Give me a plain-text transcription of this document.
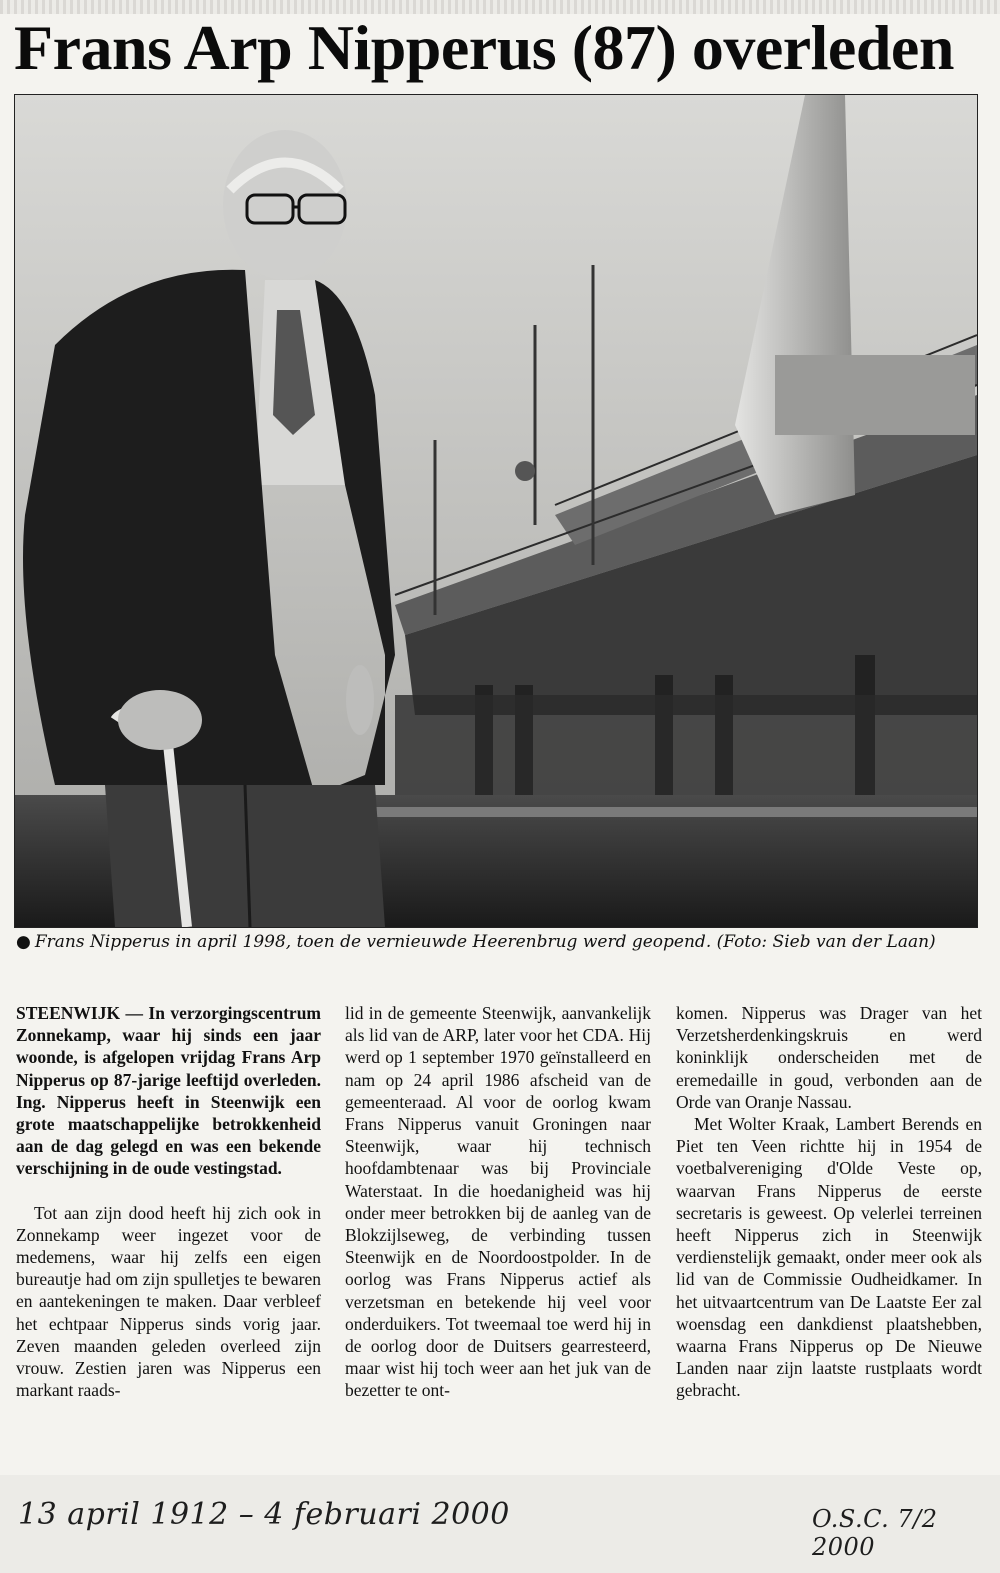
Frans Arp Nipperus (87) overleden

● Frans Nipperus in april 1998, toen de vernieuwde Heerenbrug werd geopend. (Foto: Sieb van der Laan)

STEENWIJK — In verzorgingscentrum Zonnekamp, waar hij sinds een jaar woonde, is afgelopen vrijdag Frans Arp Nipperus op 87-jarige leeftijd overleden. Ing. Nipperus heeft in Steenwijk een grote maatschappelijke betrokkenheid aan de dag gelegd en was een bekende verschijning in de oude vestingstad.

Tot aan zijn dood heeft hij zich ook in Zonnekamp weer ingezet voor de medemens, waar hij zelfs een eigen bureautje had om zijn spulletjes te bewaren en aantekeningen te maken. Daar verbleef het echtpaar Nipperus sinds vorig jaar. Zeven maanden geleden overleed zijn vrouw. Zestien jaren was Nipperus een markant raads-

lid in de gemeente Steenwijk, aanvankelijk als lid van de ARP, later voor het CDA. Hij werd op 1 september 1970 geïnstalleerd en nam op 24 april 1986 afscheid van de gemeenteraad. Al voor de oorlog kwam Frans Nipperus vanuit Groningen naar Steenwijk, waar hij technisch hoofdambtenaar was bij Provinciale Waterstaat. In die hoedanigheid was hij onder meer betrokken bij de aanleg van de Blokzijlseweg, de verbinding tussen Steenwijk en de Noordoostpolder. In de oorlog was Frans Nipperus actief als verzetsman en betekende hij veel voor onderduikers. Tot tweemaal toe werd hij in de oorlog door de Duitsers gearresteerd, maar wist hij toch weer aan het juk van de bezetter te ont-

komen. Nipperus was Drager van het Verzetsherdenkingskruis en werd koninklijk onderscheiden met de eremedaille in goud, verbonden aan de Orde van Oranje Nassau.

Met Wolter Kraak, Lambert Berends en Piet ten Veen richtte hij in 1954 de voetbalvereniging d'Olde Veste op, waarvan Frans Nipperus de eerste secretaris is geweest. Op velerlei terreinen heeft Nipperus zich in Steenwijk verdienstelijk gemaakt, onder meer ook als lid van de Commissie Oudheidkamer. In het uitvaartcentrum van De Laatste Eer zal woensdag een dankdienst plaatshebben, waarna Frans Nipperus op De Nieuwe Landen naar zijn laatste rustplaats wordt gebracht.

13 april 1912 – 4 februari 2000	O.S.C. 7/2 2000
